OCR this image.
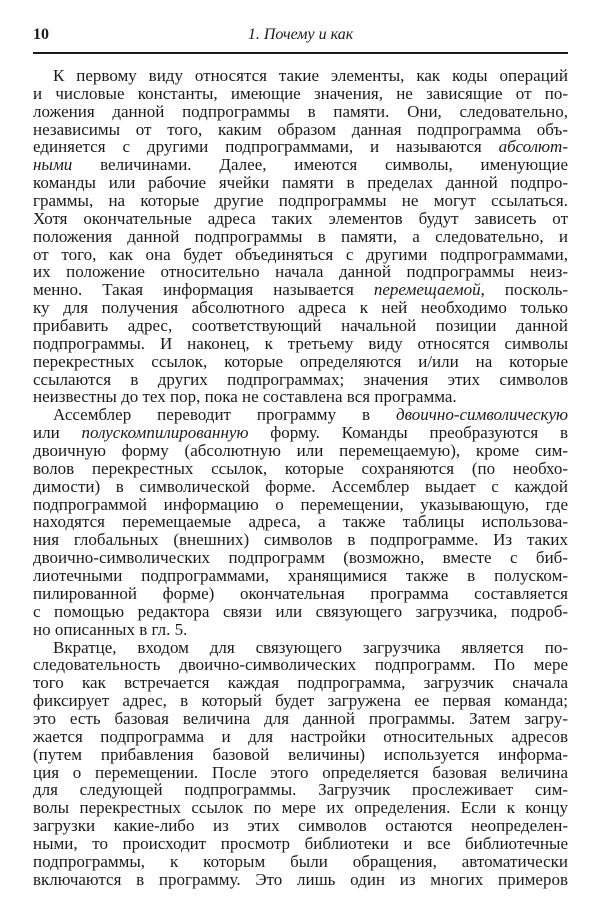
10	1. Почему и как
К первому виду относятся такие элементы, как коды операций
и числовые константы, имеющие значения, не зависящие от по-
ложения данной подпрограммы в памяти. Они, следовательно,
независимы от того, каким образом данная подпрограмма объ-
единяется с другими подпрограммами, и называются абсолют-
ными величинами. Далее, имеются символы, именующие
команды или рабочие ячейки памяти в пределах данной подпро-
граммы, на которые другие подпрограммы не могут ссылаться.
Хотя окончательные адреса таких элементов будут зависеть от
положения данной подпрограммы в памяти, а следовательно, и
от того, как она будет объединяться с другими подпрограммами,
их положение относительно начала данной подпрограммы неиз-
менно. Такая информация называется перемещаемой, посколь-
ку для получения абсолютного адреса к ней необходимо только
прибавить адрес, соответствующий начальной позиции данной
подпрограммы. И наконец, к третьему виду относятся символы
перекрестных ссылок, которые определяются и/или на которые
ссылаются в других подпрограммах; значения этих символов
неизвестны до тех пор, пока не составлена вся программа.
Ассемблер переводит программу в двоично-символическую
или полускомпилированную форму. Команды преобразуются в
двоичную форму (абсолютную или перемещаемую), кроме сим-
волов перекрестных ссылок, которые сохраняются (по необхо-
димости) в символической форме. Ассемблер выдает с каждой
подпрограммой информацию о перемещении, указывающую, где
находятся перемещаемые адреса, а также таблицы использова-
ния глобальных (внешних) символов в подпрограмме. Из таких
двоично-символических подпрограмм (возможно, вместе с биб-
лиотечными подпрограммами, хранящимися также в полуском-
пилированной форме) окончательная программа составляется
с помощью редактора связи или связующего загрузчика, подроб-
но описанных в гл. 5.
Вкратце, входом для связующего загрузчика является по-
следовательность двоично-символических подпрограмм. По мере
того как встречается каждая подпрограмма, загрузчик сначала
фиксирует адрес, в который будет загружена ее первая команда;
это есть базовая величина для данной программы. Затем загру-
жается подпрограмма и для настройки относительных адресов
(путем прибавления базовой величины) используется информа-
ция о перемещении. После этого определяется базовая величина
для следующей подпрограммы. Загрузчик прослеживает сим-
волы перекрестных ссылок по мере их определения. Если к концу
загрузки какие-либо из этих символов остаются неопределен-
ными, то происходит просмотр библиотеки и все библиотечные
подпрограммы, к которым были обращения, автоматически
включаются в программу. Это лишь один из многих примеров
